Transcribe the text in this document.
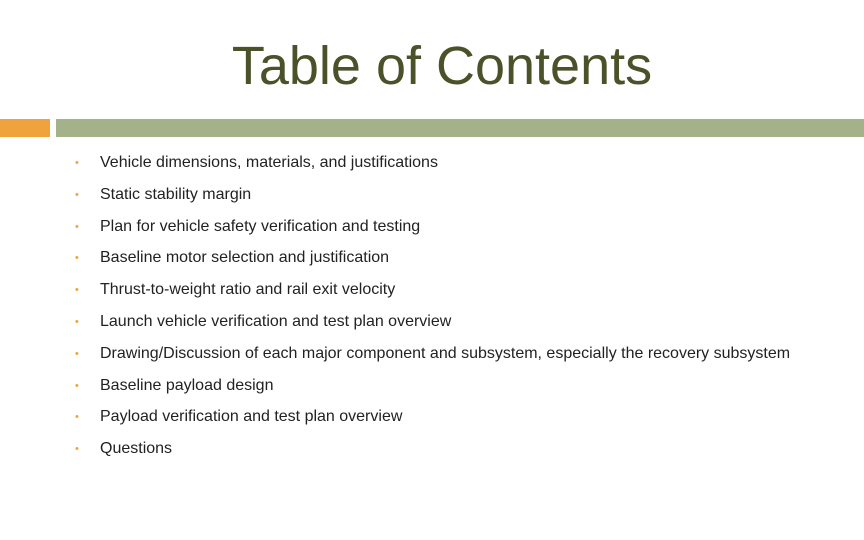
Table of Contents
• Vehicle dimensions, materials, and justifications
• Static stability margin
• Plan for vehicle safety verification and testing
• Baseline motor selection and justification
• Thrust-to-weight ratio and rail exit velocity
• Launch vehicle verification and test plan overview
• Drawing/Discussion of each major component and subsystem, especially the recovery subsystem
• Baseline payload design
• Payload verification and test plan overview
• Questions
